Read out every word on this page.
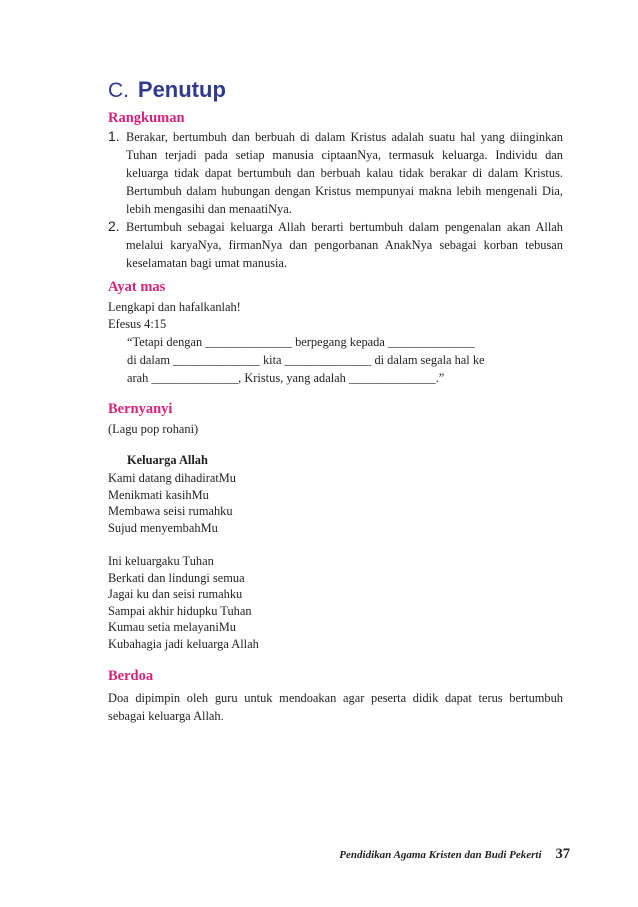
C. Penutup
Rangkuman
1. Berakar, bertumbuh dan berbuah di dalam Kristus adalah suatu hal yang diinginkan Tuhan terjadi pada setiap manusia ciptaanNya, termasuk keluarga. Individu dan keluarga tidak dapat bertumbuh dan berbuah kalau tidak berakar di dalam Kristus. Bertumbuh dalam hubungan dengan Kristus mempunyai makna lebih mengenali Dia, lebih mengasihi dan menaatiNya.
2. Bertumbuh sebagai keluarga Allah berarti bertumbuh dalam pengenalan akan Allah melalui karyaNya, firmanNya dan pengorbanan AnakNya sebagai korban tebusan keselamatan bagi umat manusia.
Ayat mas

Lengkapi dan hafalkanlah!

Efesus 4:15

“Tetapi dengan ______________ berpegang kepada ______________
di dalam ______________ kita ______________ di dalam segala hal ke
arah ______________, Kristus, yang adalah ______________.”
Bernyanyi

(Lagu pop rohani)

Keluarga Allah

Kami datang dihadiratMu
Menikmati kasihMu
Membawa seisi rumahku
Sujud menyembahMu
Ini keluargaku Tuhan
Berkati dan lindungi semua
Jagai ku dan seisi rumahku
Sampai akhir hidupku Tuhan
Kumau setia melayaniMu
Kubahagia jadi keluarga Allah
Berdoa

Doa dipimpin oleh guru untuk mendoakan agar peserta didik dapat terus bertumbuh sebagai keluarga Allah.

Pendidikan Agama Kristen dan Budi Pekerti 37
